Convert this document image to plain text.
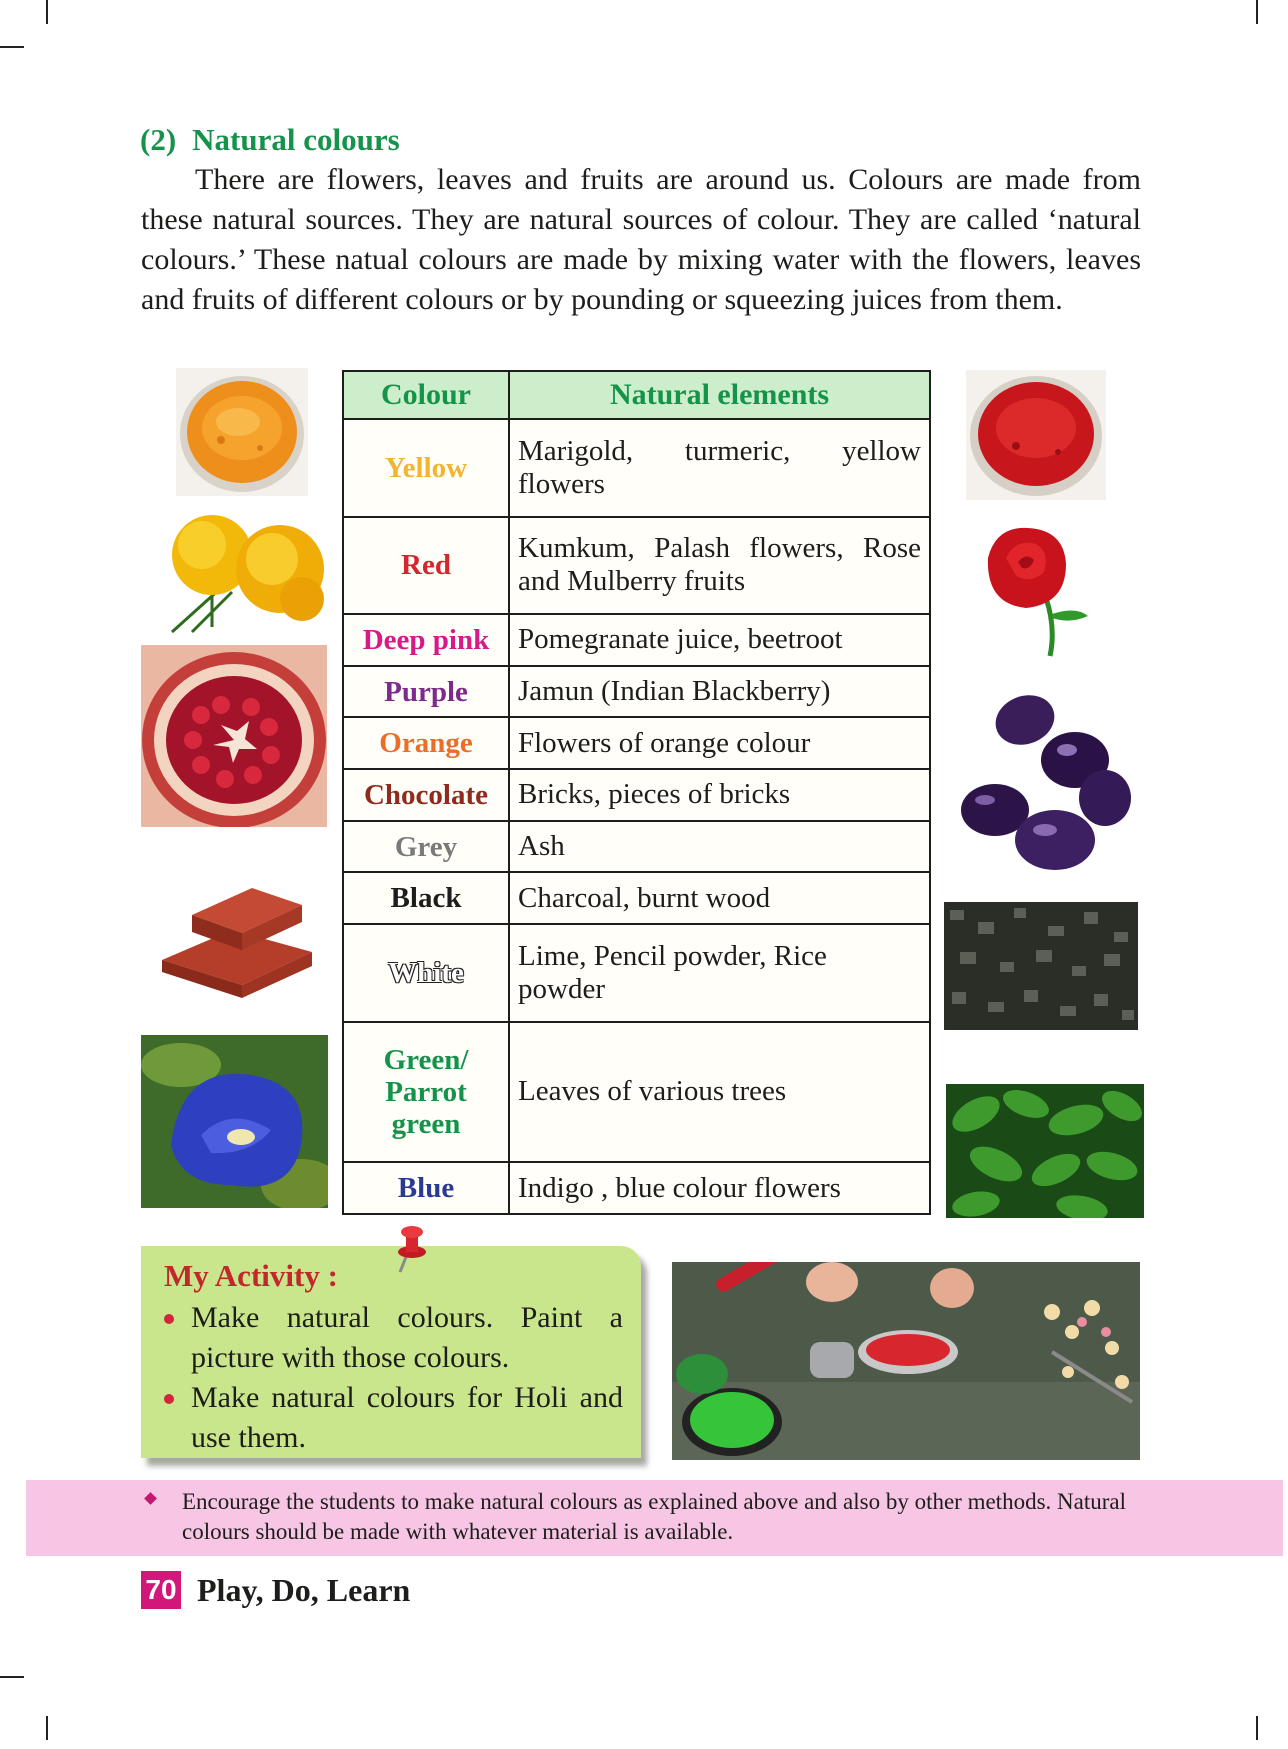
(2) Natural colours

There are flowers, leaves and fruits are around us. Colours are made from these natural sources. They are natural sources of colour. They are called ‘natural colours.’ These natual colours are made by mixing water with the flowers, leaves and fruits of different colours or by pounding or squeezing juices from them.

Colour	Natural elements
Yellow	Marigold, turmeric, yellow flowers
Red	Kumkum, Palash flowers, Rose and Mulberry fruits
Deep pink	Pomegranate juice, beetroot
Purple	Jamun (Indian Blackberry)
Orange	Flowers of orange colour
Chocolate	Bricks, pieces of bricks
Grey	Ash
Black	Charcoal, burnt wood
White	Lime, Pencil powder, Rice powder
Green/ Parrot green	Leaves of various trees
Blue	Indigo , blue colour flowers
My Activity :
Make natural colours. Paint a picture with those colours.
Make natural colours for Holi and use them.
Encourage the students to make natural colours as explained above and also by other methods. Natural colours should be made with whatever material is available.
70 Play, Do, Learn
